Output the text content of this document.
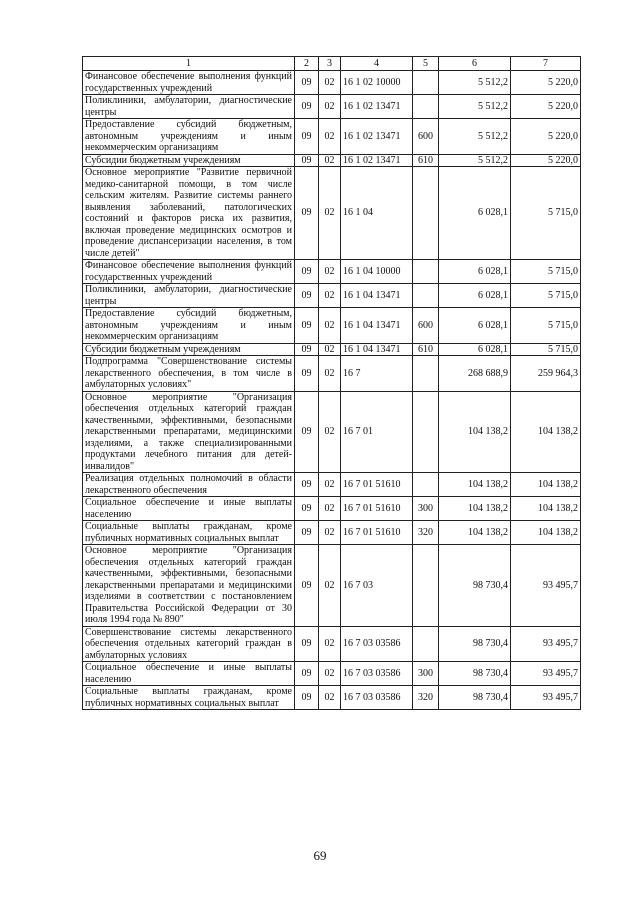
1	2	3	4	5	6	7
Финансовое обеспечение выполнения функций государственных учреждений	09	02	16 1 02 10000		5 512,2	5 220,0
Поликлиники, амбулатории, диагностические центры	09	02	16 1 02 13471		5 512,2	5 220,0
Предоставление субсидий бюджетным, автономным учреждениям и иным некоммерческим организациям	09	02	16 1 02 13471	600	5 512,2	5 220,0
Субсидии бюджетным учреждениям	09	02	16 1 02 13471	610	5 512,2	5 220,0
Основное мероприятие "Развитие первичной медико-санитарной помощи, в том числе сельским жителям. Развитие системы раннего выявления заболеваний, патологических состояний и факторов риска их развития, включая проведение медицинских осмотров и проведение диспансеризации населения, в том числе детей"	09	02	16 1 04		6 028,1	5 715,0
Финансовое обеспечение выполнения функций государственных учреждений	09	02	16 1 04 10000		6 028,1	5 715,0
Поликлиники, амбулатории, диагностические центры	09	02	16 1 04 13471		6 028,1	5 715,0
Предоставление субсидий бюджетным, автономным учреждениям и иным некоммерческим организациям	09	02	16 1 04 13471	600	6 028,1	5 715,0
Субсидии бюджетным учреждениям	09	02	16 1 04 13471	610	6 028,1	5 715,0
Подпрограмма "Совершенствование системы лекарственного обеспечения, в том числе в амбулаторных условиях"	09	02	16 7		268 688,9	259 964,3
Основное мероприятие "Организация обеспечения отдельных категорий граждан качественными, эффективными, безопасными лекарственными препаратами, медицинскими изделиями, а также специализированными продуктами лечебного питания для детей-инвалидов"	09	02	16 7 01		104 138,2	104 138,2
Реализация отдельных полномочий в области лекарственного обеспечения	09	02	16 7 01 51610		104 138,2	104 138,2
Социальное обеспечение и иные выплаты населению	09	02	16 7 01 51610	300	104 138,2	104 138,2
Социальные выплаты гражданам, кроме публичных нормативных социальных выплат	09	02	16 7 01 51610	320	104 138,2	104 138,2
Основное мероприятие "Организация обеспечения отдельных категорий граждан качественными, эффективными, безопасными лекарственными препаратами и медицинскими изделиями в соответствии с постановлением Правительства Российской Федерации от 30 июля 1994 года № 890"	09	02	16 7 03		98 730,4	93 495,7
Совершенствование системы лекарственного обеспечения отдельных категорий граждан в амбулаторных условиях	09	02	16 7 03 03586		98 730,4	93 495,7
Социальное обеспечение и иные выплаты населению	09	02	16 7 03 03586	300	98 730,4	93 495,7
Социальные выплаты гражданам, кроме публичных нормативных социальных выплат	09	02	16 7 03 03586	320	98 730,4	93 495,7
69
